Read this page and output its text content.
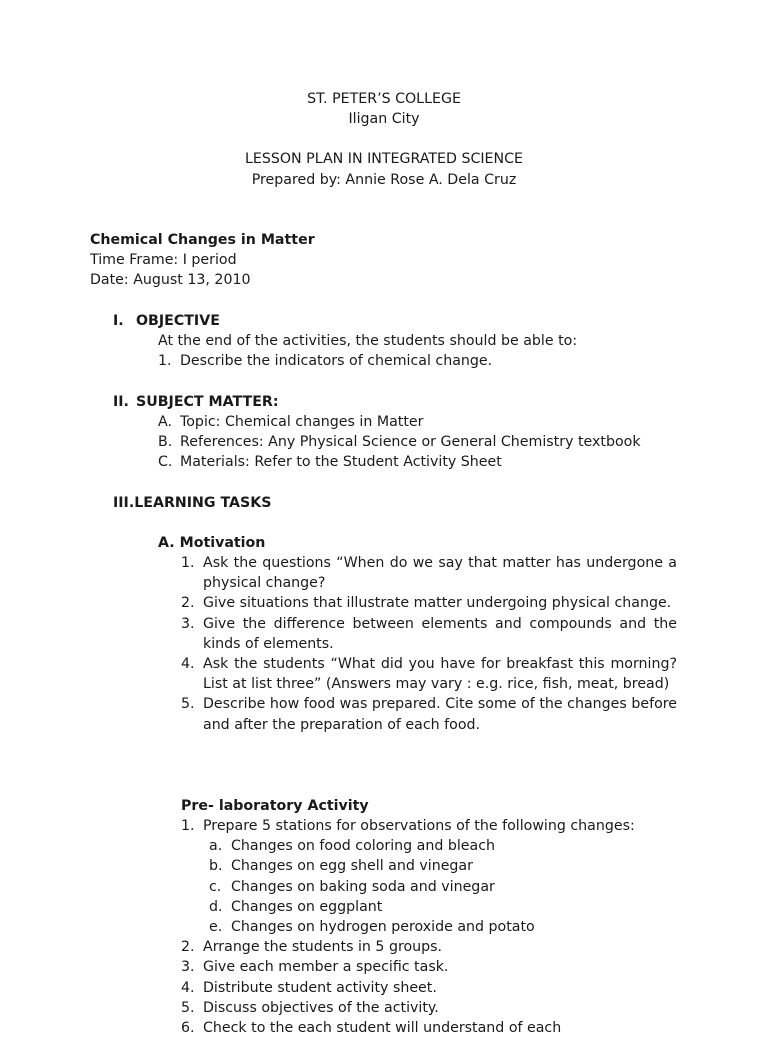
ST. PETER’S COLLEGE
Iligan City
LESSON PLAN IN INTEGRATED SCIENCE
Prepared by: Annie Rose A. Dela Cruz
Chemical Changes in Matter
Time Frame: I period
Date: August 13, 2010
I. OBJECTIVE
At the end of the activities, the students should be able to:
1. Describe the indicators of chemical change.
II. SUBJECT MATTER:
A. Topic: Chemical changes in Matter
B. References: Any Physical Science or General Chemistry textbook
C. Materials: Refer to the Student Activity Sheet
III.LEARNING TASKS
A. Motivation
1. Ask the questions “When do we say that matter has undergone a physical change?
2. Give situations that illustrate matter undergoing physical change.
3. Give the difference between elements and compounds and the kinds of elements.
4. Ask the students “What did you have for breakfast this morning? List at list three” (Answers may vary : e.g. rice, fish, meat, bread)
5. Describe how food was prepared. Cite some of the changes before and after the preparation of each food.
Pre- laboratory Activity
1. Prepare 5 stations for observations of the following changes:
a. Changes on food coloring and bleach
b. Changes on egg shell and vinegar
c. Changes on baking soda and vinegar
d. Changes on eggplant
e. Changes on hydrogen peroxide and potato
2. Arrange the students in 5 groups.
3. Give each member a specific task.
4. Distribute student activity sheet.
5. Discuss objectives of the activity.
6. Check to the each student will understand of each
